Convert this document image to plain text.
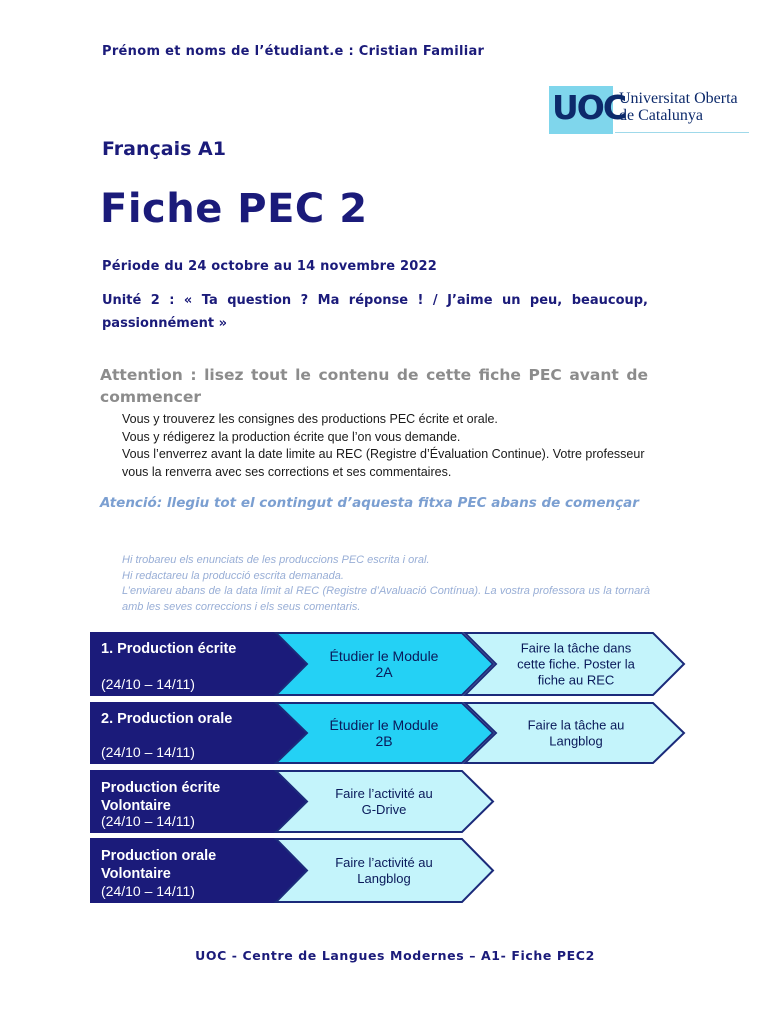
Prénom et noms de l’étudiant.e : Cristian Familiar
UOC
Universitat Oberta
de Catalunya
Français A1
Fiche PEC 2
Période du 24 octobre au 14 novembre 2022
Unité 2 : « Ta question ? Ma réponse ! / J’aime un peu, beaucoup, passionnément »
Attention : lisez tout le contenu de cette fiche PEC avant de commencer
Vous y trouverez les consignes des productions PEC écrite et orale.
Vous y rédigerez la production écrite que l’on vous demande.
Vous l’enverrez avant la date limite au REC (Registre d’Évaluation Continue). Votre professeur vous la renverra avec ses corrections et ses commentaires.
Atenció: llegiu tot el contingut d’aquesta fitxa PEC abans de començar
Hi trobareu els enunciats de les produccions PEC escrita i oral.
Hi redactareu la producció escrita demanada.
L’enviareu abans de la data límit al REC (Registre d’Avaluació Contínua). La vostra professora us la tornarà amb les seves correccions i els seus comentaris.
1. Production écrite
(24/10 – 14/11)
Étudier le Module 2A
Faire la tâche dans cette fiche. Poster la fiche au REC
2. Production orale
(24/10 – 14/11)
Étudier le Module 2B
Faire la tâche au Langblog
Production écrite Volontaire
(24/10 – 14/11)
Faire l’activité au G-Drive
Production orale Volontaire
(24/10 – 14/11)
Faire l’activité au Langblog
UOC - Centre de Langues Modernes – A1- Fiche PEC2
